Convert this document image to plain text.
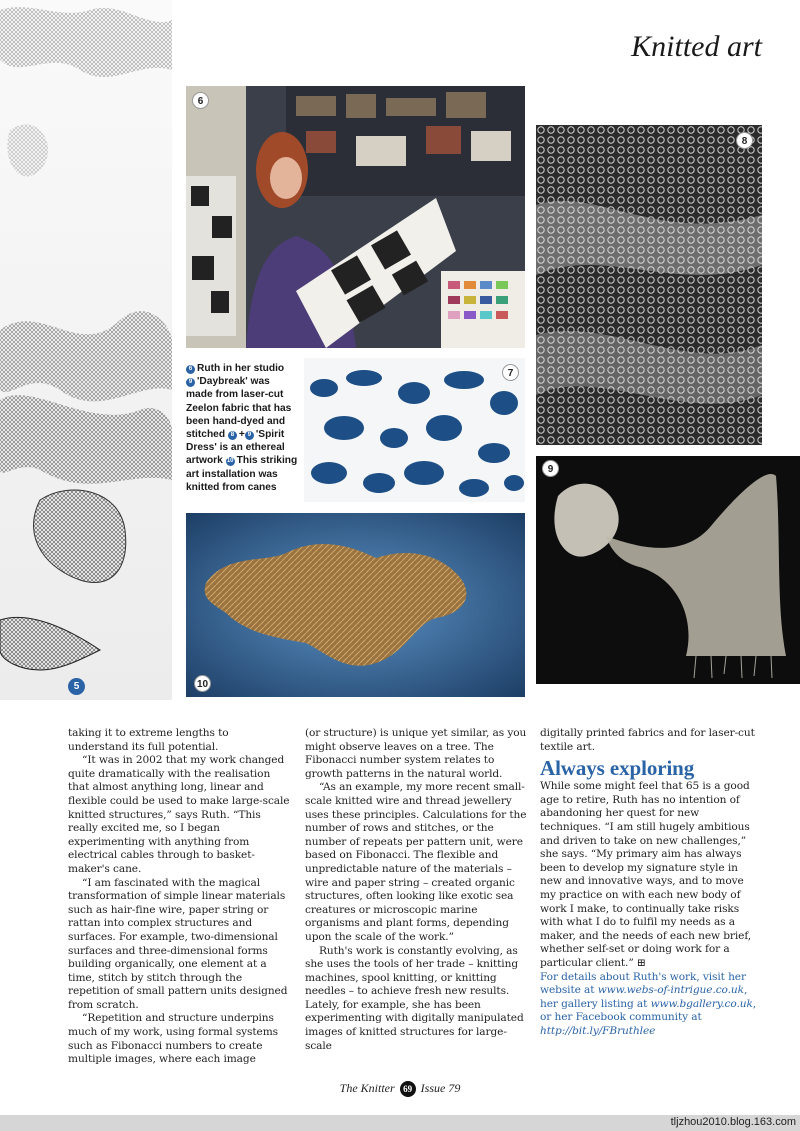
Knitted art
5
6
8
6 Ruth in her studio
9 'Daybreak' was made from laser-cut Zeelon fabric that has been hand-dyed and stitched 8 + 9 'Spirit Dress' is an ethereal artwork 10 This striking art installation was knitted from canes
7
9
10

taking it to extreme lengths to understand its full potential.

“It was in 2002 that my work changed quite dramatically with the realisation that almost anything long, linear and flexible could be used to make large-scale knitted structures,” says Ruth. “This really excited me, so I began experimenting with anything from electrical cables through to basket-maker's cane.

“I am fascinated with the magical transformation of simple linear materials such as hair-fine wire, paper string or rattan into complex structures and surfaces. For example, two-dimensional surfaces and three-dimensional forms building organically, one element at a time, stitch by stitch through the repetition of small pattern units designed from scratch.

“Repetition and structure underpins much of my work, using formal systems such as Fibonacci numbers to create multiple images, where each image

(or structure) is unique yet similar, as you might observe leaves on a tree. The Fibonacci number system relates to growth patterns in the natural world.

“As an example, my more recent small-scale knitted wire and thread jewellery uses these principles. Calculations for the number of rows and stitches, or the number of repeats per pattern unit, were based on Fibonacci. The flexible and unpredictable nature of the materials – wire and paper string – created organic structures, often looking like exotic sea creatures or microscopic marine organisms and plant forms, depending upon the scale of the work.”

Ruth's work is constantly evolving, as she uses the tools of her trade – knitting machines, spool knitting, or knitting needles – to achieve fresh new results. Lately, for example, she has been experimenting with digitally manipulated images of knitted structures for large-scale

digitally printed fabrics and for laser-cut textile art.

Always exploring

While some might feel that 65 is a good age to retire, Ruth has no intention of abandoning her quest for new techniques. “I am still hugely ambitious and driven to take on new challenges,” she says. “My primary aim has always been to develop my signature style in new and innovative ways, and to move my practice on with each new body of work I make, to continually take risks with what I do to fulfil my needs as a maker, and the needs of each new brief, whether self-set or doing work for a particular client.” ⊞

For details about Ruth's work, visit her website at www.webs-of-intrigue.co.uk, her gallery listing at www.bgallery.co.uk, or her Facebook community at http://bit.ly/FBruthlee

The Knitter 69 Issue 79
tljzhou2010.blog.163.com
